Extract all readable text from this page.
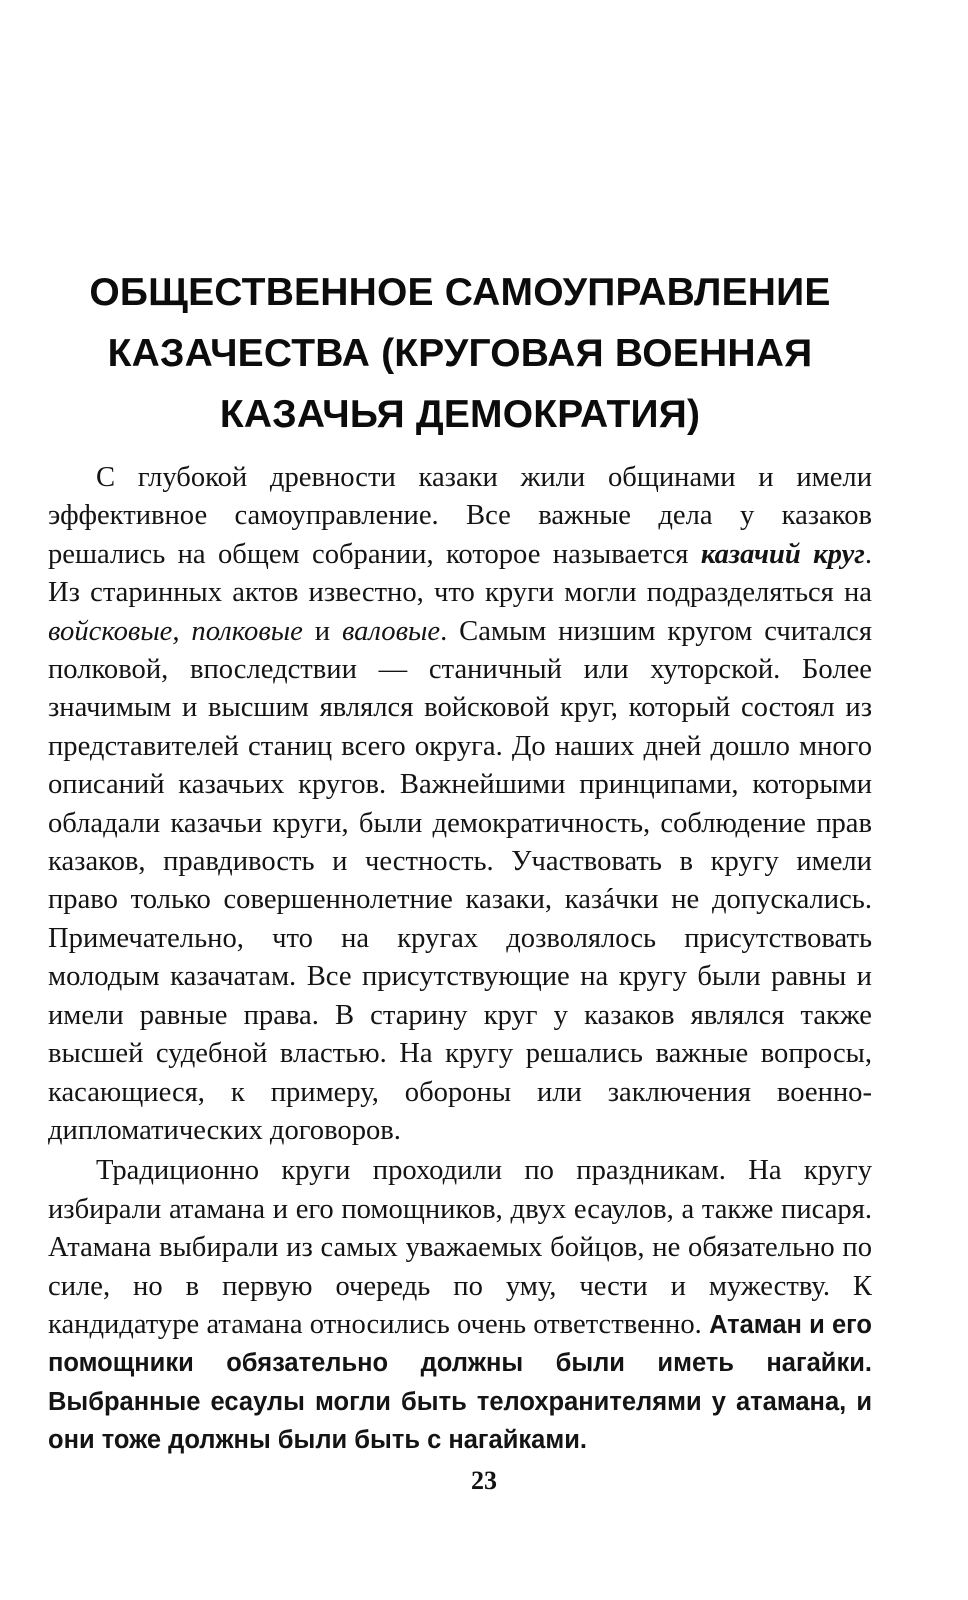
ОБЩЕСТВЕННОЕ САМОУПРАВЛЕНИЕ
КАЗАЧЕСТВА (КРУГОВАЯ ВОЕННАЯ
КАЗАЧЬЯ ДЕМОКРАТИЯ)

С глубокой древности казаки жили общинами и имели эффективное самоуправление. Все важные дела у казаков решались на общем собрании, которое называется казачий круг. Из старинных актов известно, что круги могли подразделяться на войсковые, полковые и валовые. Самым низшим кругом считался полковой, впоследствии — станичный или хуторской. Более значимым и высшим являлся войсковой круг, который состоял из представителей станиц всего округа. До наших дней дошло много описаний казачьих кругов. Важнейшими принципами, которыми обладали казачьи круги, были демократичность, соблюдение прав казаков, правдивость и честность. Участвовать в кругу имели право только совершеннолетние казаки, казáчки не допускались. Примечательно, что на кругах дозволялось присутствовать молодым казачатам. Все присутствующие на кругу были равны и имели равные права. В старину круг у казаков являлся также высшей судебной властью. На кругу решались важные вопросы, касающиеся, к примеру, обороны или заключения военно-дипломатических договоров.

Традиционно круги проходили по праздникам. На кругу избирали атамана и его помощников, двух есаулов, а также писаря. Атамана выбирали из самых уважаемых бойцов, не обязательно по силе, но в первую очередь по уму, чести и мужеству. К кандидатуре атамана относились очень ответственно. Атаман и его помощники обязательно должны были иметь нагайки. Выбранные есаулы могли быть телохранителями у атамана, и они тоже должны были быть с нагайками.

23
